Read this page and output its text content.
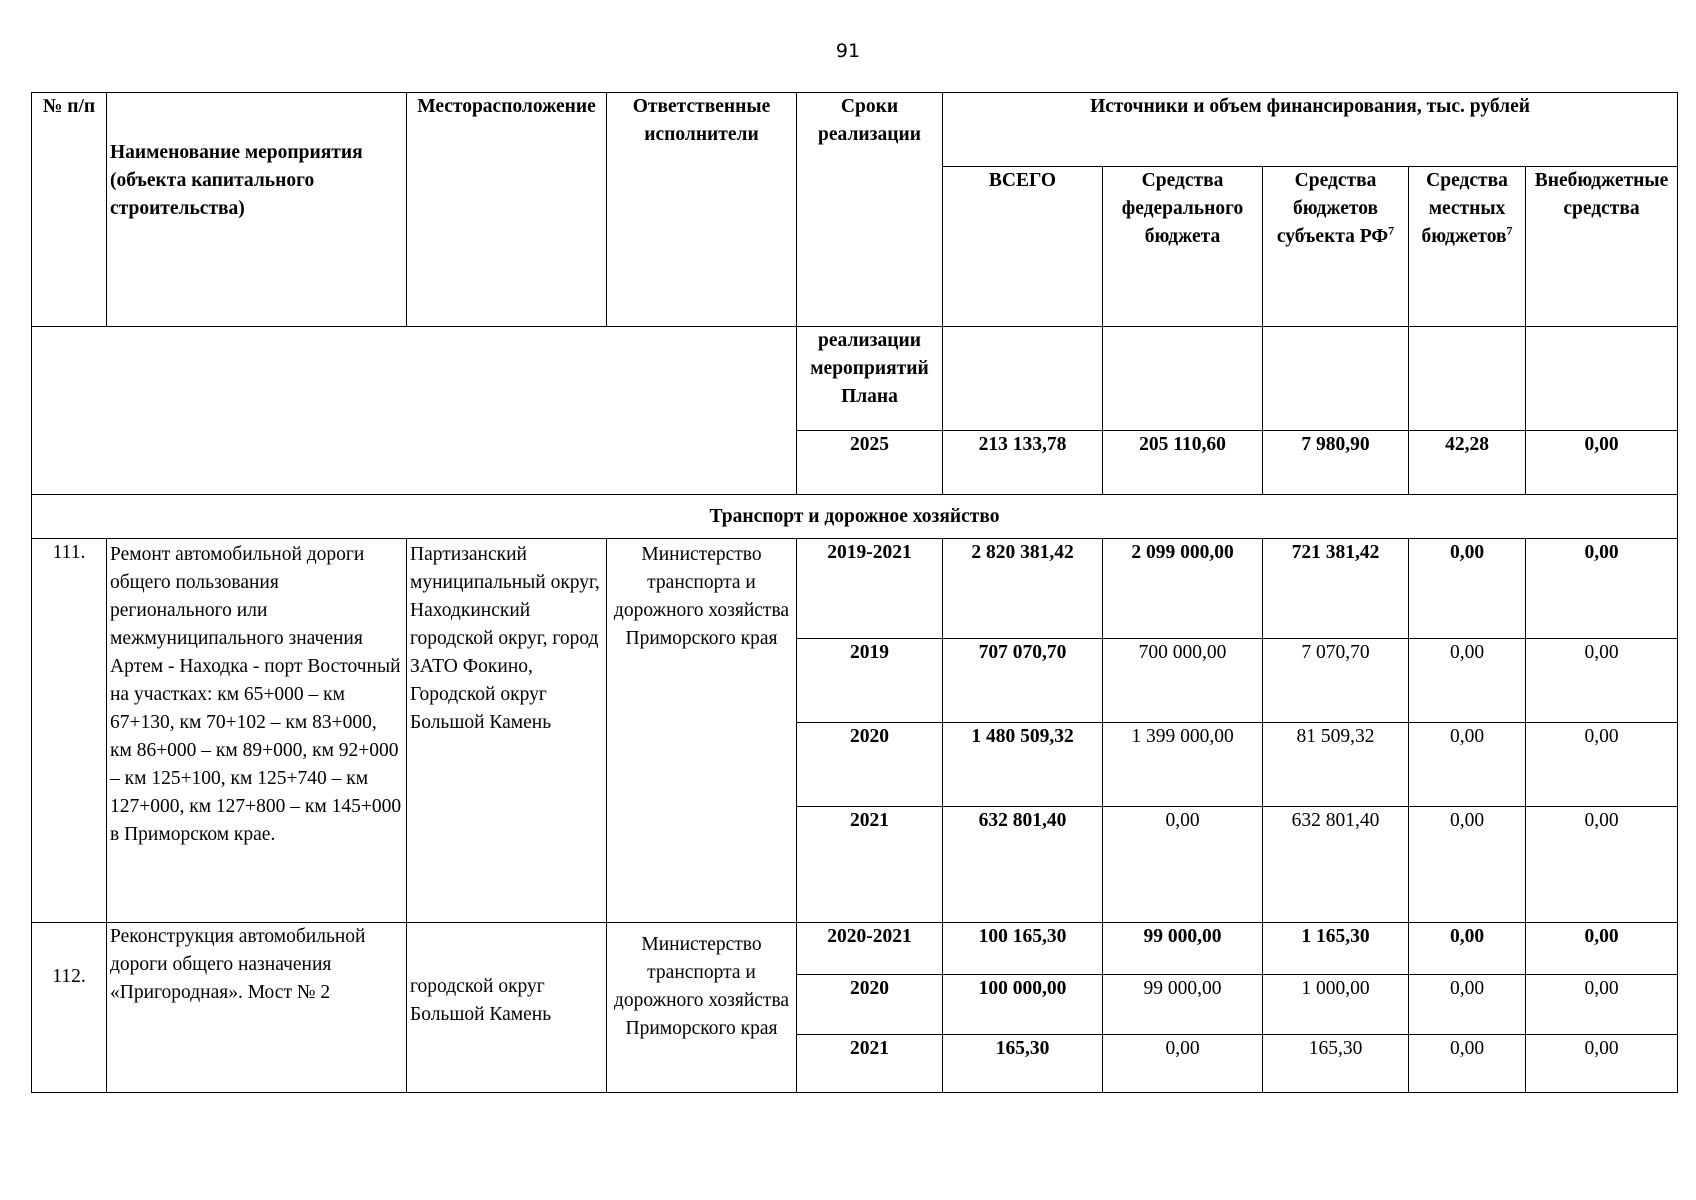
91
№ п/п	Наименование мероприятия (объекта капитального строительства)	Месторасположение	Ответственные исполнители	Сроки реализации	Источники и объем финансирования, тыс. рублей				
					ВСЕГО	Средства федерального бюджета	Средства бюджетов субъекта $РФ^7$	Средства местных бюджетов$^7$	Внебюджетные средства
				реализации мероприятий Плана					
				2025	213 133,78	205 110,60	7 980,90	42,28	0,00
Транспорт и дорожное хозяйство									
111.	Ремонт автомобильной дороги общего пользования регионального или межмуниципального значения Артем - Находка - порт Восточный на участках: км 65+000 – км 67+130, км 70+102 – км 83+000, км 86+000 – км 89+000, км 92+000 – км 125+100, км 125+740 – км 127+000, км 127+800 – км 145+000 в Приморском крае.	Партизанский муниципальный округ, Находкинский городской округ, город ЗАТО Фокино, Городской округ Большой Камень	Министерство транспорта и дорожного хозяйства Приморского края	2019-2021	2 820 381,42	2 099 000,00	721 381,42	0,00	0,00
				2019	707 070,70	700 000,00	7 070,70	0,00	0,00
				2020	1 480 509,32	1 399 000,00	81 509,32	0,00	0,00
				2021	632 801,40	0,00	632 801,40	0,00	0,00
112.	Реконструкция автомобильной дороги общего назначения «Пригородная». Мост № 2	городской округ Большой Камень	Министерство транспорта и дорожного хозяйства Приморского края	2020-2021	100 165,30	99 000,00	1 165,30	0,00	0,00
				2020	100 000,00	99 000,00	1 000,00	0,00	0,00
				2021	165,30	0,00	165,30	0,00	0,00
